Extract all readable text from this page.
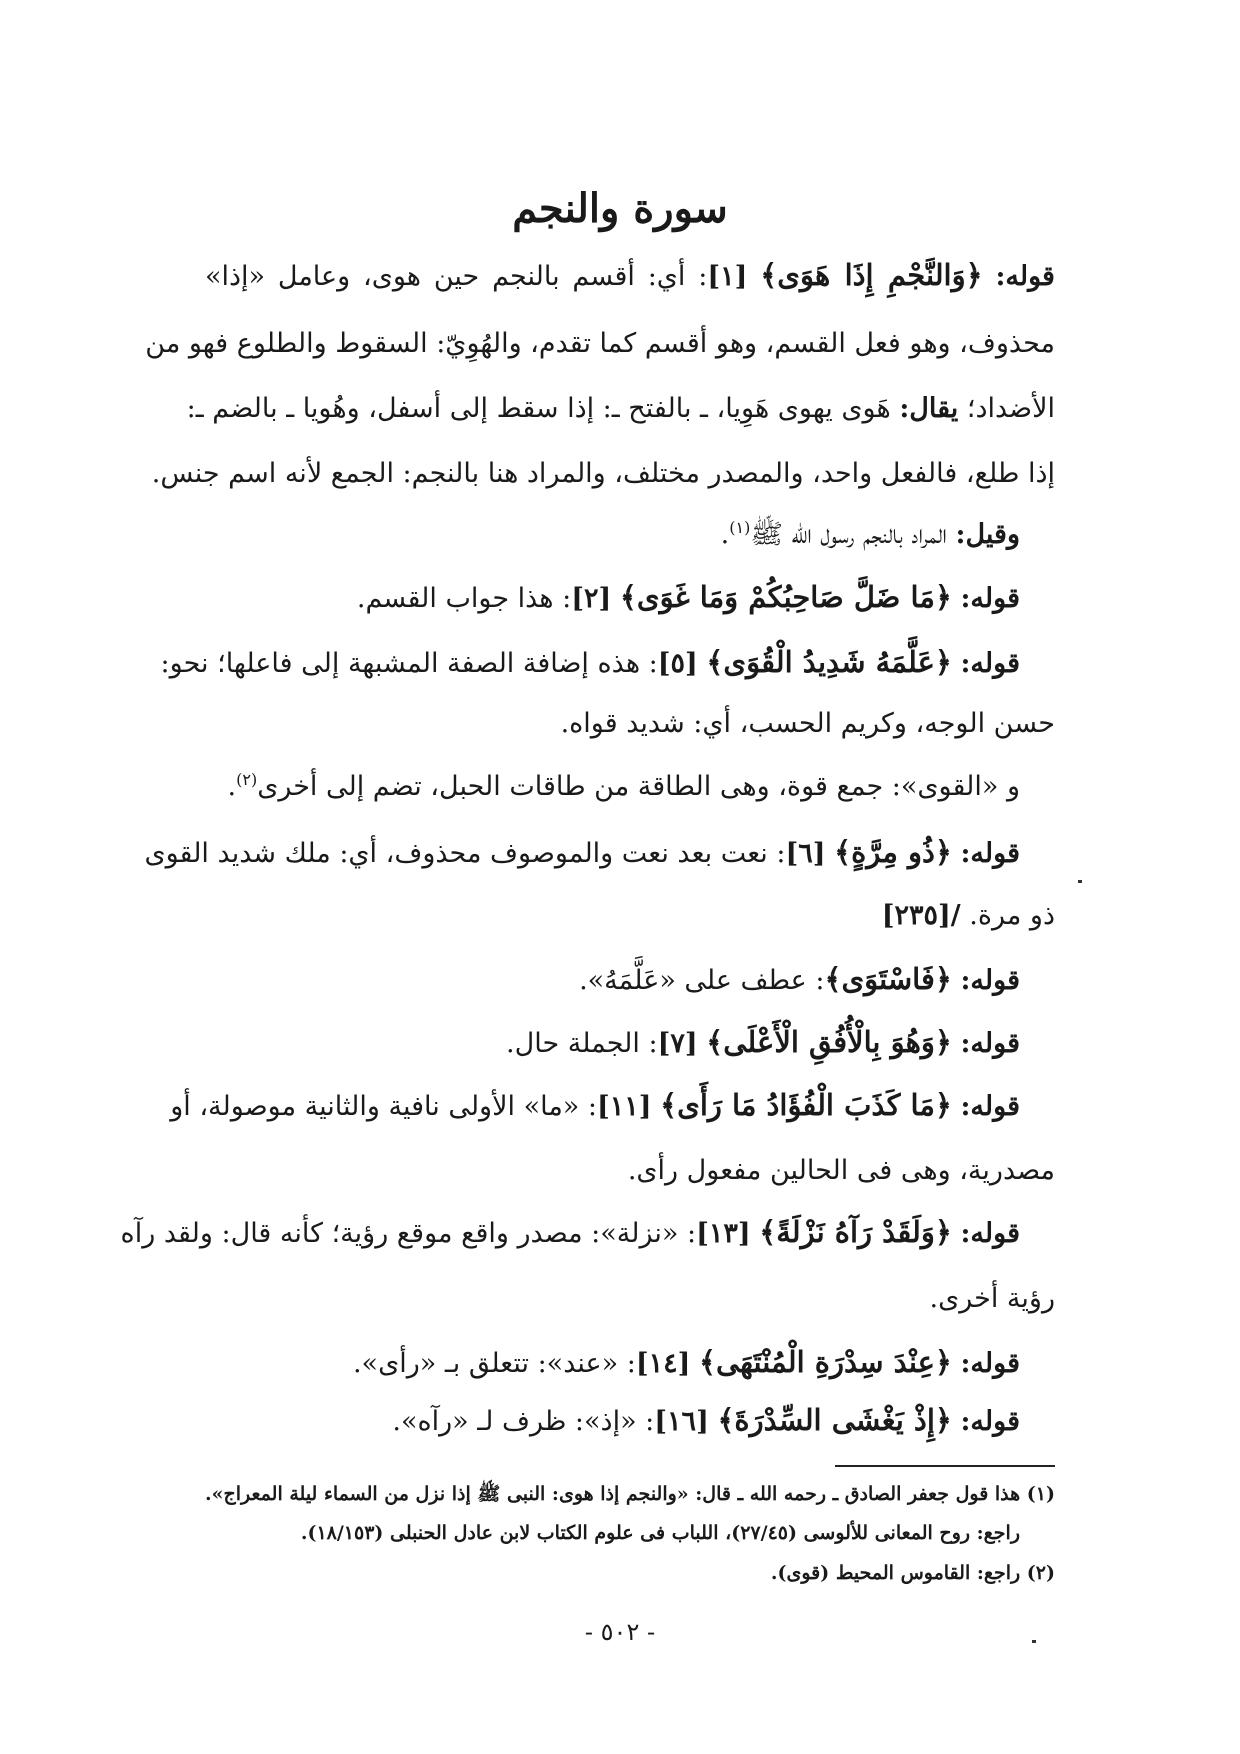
سورة والنجم
قوله: ﴿وَالنَّجْمِ إِذَا هَوَى﴾ [١]: أي: أقسم بالنجم حين هوى، وعامل «إذا»
محذوف، وهو فعل القسم، وهو أقسم كما تقدم، والهُوِيّ: السقوط والطلوع فهو من
الأضداد؛ يقال: هَوى يهوى هَوِيا، ـ بالفتح ـ: إذا سقط إلى أسفل، وهُويا ـ بالضم ـ:
إذا طلع، فالفعل واحد، والمصدر مختلف، والمراد هنا بالنجم: الجمع لأنه اسم جنس.
وقيل: المراد بالنجم رسول الله ﷺ$^{(١)}$.
قوله: ﴿مَا ضَلَّ صَاحِبُكُمْ وَمَا غَوَى﴾ [٢]: هذا جواب القسم.
قوله: ﴿عَلَّمَهُ شَدِيدُ الْقُوَى﴾ [٥]: هذه إضافة الصفة المشبهة إلى فاعلها؛ نحو:
حسن الوجه، وكريم الحسب، أي: شديد قواه.
و «القوى»: جمع قوة، وهى الطاقة من طاقات الحبل، تضم إلى أخرى$^{(٢)}$.
قوله: ﴿ذُو مِرَّةٍ﴾ [٦]: نعت بعد نعت والموصوف محذوف، أي: ملك شديد القوى
ذو مرة. /[٢٣٥]
قوله: ﴿فَاسْتَوَى﴾: عطف على «عَلَّمَهُ».
قوله: ﴿وَهُوَ بِالْأُفُقِ الْأَعْلَى﴾ [٧]: الجملة حال.
قوله: ﴿مَا كَذَبَ الْفُؤَادُ مَا رَأَى﴾ [١١]: «ما» الأولى نافية والثانية موصولة، أو
مصدرية، وهى فى الحالين مفعول رأى.
قوله: ﴿وَلَقَدْ رَآهُ نَزْلَةً﴾ [١٣]: «نزلة»: مصدر واقع موقع رؤية؛ كأنه قال: ولقد رآه
رؤية أخرى.
قوله: ﴿عِنْدَ سِدْرَةِ الْمُنْتَهَى﴾ [١٤]: «عند»: تتعلق بـ «رأى».
قوله: ﴿إِذْ يَغْشَى السِّدْرَةَ﴾ [١٦]: «إذ»: ظرف لـ «رآه».
(١) هذا قول جعفر الصادق ـ رحمه الله ـ قال: «والنجم إذا هوى: النبى ﷺ إذا نزل من السماء ليلة المعراج».
راجع: روح المعانى للألوسى (٢٧/٤٥)، اللباب فى علوم الكتاب لابن عادل الحنبلى (١٨/١٥٣).
(٢) راجع: القاموس المحيط (قوى).
- ٥٠٢ -
